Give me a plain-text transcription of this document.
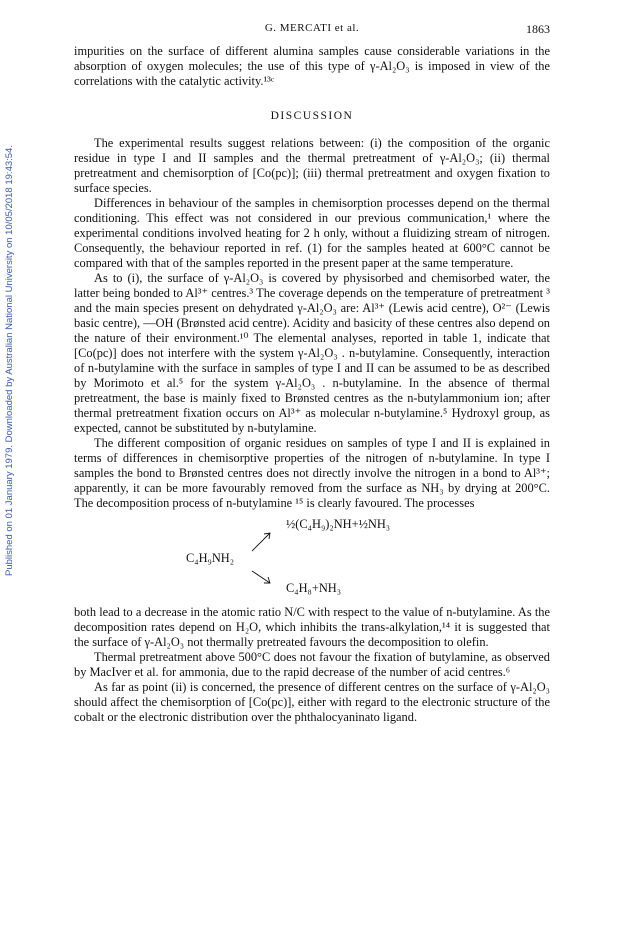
Published on 01 January 1979. Downloaded by Australian National University on 10/05/2018 19:43:54.
G. MERCATI et al.	1863

impurities on the surface of different alumina samples cause considerable variations in the absorption of oxygen molecules; the use of this type of γ-Al₂O₃ is imposed in view of the correlations with the catalytic activity.¹³ᶜ

DISCUSSION

The experimental results suggest relations between: (i) the composition of the organic residue in type I and II samples and the thermal pretreatment of γ-Al₂O₃; (ii) thermal pretreatment and chemisorption of [Co(pc)]; (iii) thermal pretreatment and oxygen fixation to surface species.

Differences in behaviour of the samples in chemisorption processes depend on the thermal conditioning. This effect was not considered in our previous communication,¹ where the experimental conditions involved heating for 2 h only, without a fluidizing stream of nitrogen. Consequently, the behaviour reported in ref. (1) for the samples heated at 600°C cannot be compared with that of the samples reported in the present paper at the same temperature.

As to (i), the surface of γ-Al₂O₃ is covered by physisorbed and chemisorbed water, the latter being bonded to Al³⁺ centres.³ The coverage depends on the temperature of pretreatment ³ and the main species present on dehydrated γ-Al₂O₃ are: Al³⁺ (Lewis acid centre), O²⁻ (Lewis basic centre), —OH (Brønsted acid centre). Acidity and basicity of these centres also depend on the nature of their environment.¹⁰ The elemental analyses, reported in table 1, indicate that [Co(pc)] does not interfere with the system γ-Al₂O₃ . n-butylamine. Consequently, interaction of n-butylamine with the surface in samples of type I and II can be assumed to be as described by Morimoto et al.⁵ for the system γ-Al₂O₃ . n-butylamine. In the absence of thermal pretreatment, the base is mainly fixed to Brønsted centres as the n-butylammonium ion; after thermal pretreatment fixation occurs on Al³⁺ as molecular n-butylamine.⁵ Hydroxyl group, as expected, cannot be substituted by n-butylamine.

The different composition of organic residues on samples of type I and II is explained in terms of differences in chemisorptive properties of the nitrogen of n-butylamine. In type I samples the bond to Brønsted centres does not directly involve the nitrogen in a bond to Al³⁺; apparently, it can be more favourably removed from the surface as NH₃ by drying at 200°C. The decomposition process of n-butylamine ¹⁵ is clearly favoured. The processes

½(C₄H₉)₂NH+½NH₃
C₄H₉NH₂
C₄H₈+NH₃

both lead to a decrease in the atomic ratio N/C with respect to the value of n-butylamine. As the decomposition rates depend on H₂O, which inhibits the trans-alkylation,¹⁴ it is suggested that the surface of γ-Al₂O₃ not thermally pretreated favours the decomposition to olefin.

Thermal pretreatment above 500°C does not favour the fixation of butylamine, as observed by MacIver et al. for ammonia, due to the rapid decrease of the number of acid centres.⁶

As far as point (ii) is concerned, the presence of different centres on the surface of γ-Al₂O₃ should affect the chemisorption of [Co(pc)], either with regard to the electronic structure of the cobalt or the electronic distribution over the phthalocyaninato ligand.
